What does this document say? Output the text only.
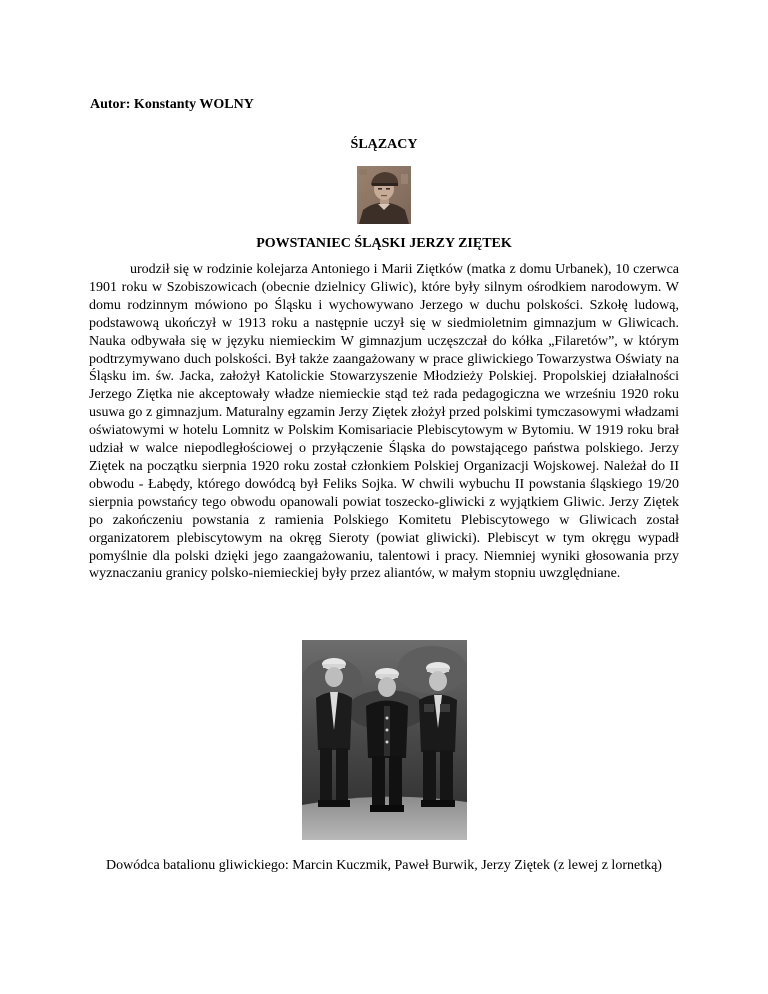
Autor: Konstanty WOLNY

ŚLĄZACY

POWSTANIEC ŚLĄSKI JERZY ZIĘTEK

urodził się w rodzinie kolejarza Antoniego i Marii Ziętków (matka z domu Urbanek), 10 czerwca 1901 roku w Szobiszowicach (obecnie dzielnicy Gliwic), które były silnym ośrodkiem narodowym. W domu rodzinnym mówiono po Śląsku i wychowywano Jerzego w duchu polskości. Szkołę ludową, podstawową ukończył w 1913 roku a następnie uczył się w siedmioletnim gimnazjum w Gliwicach. Nauka odbywała się w języku niemieckim W gimnazjum uczęszczał do kółka „Filaretów”, w którym podtrzymywano duch polskości. Był także zaangażowany w prace gliwickiego Towarzystwa Oświaty na Śląsku im. św. Jacka, założył Katolickie Stowarzyszenie Młodzieży Polskiej. Propolskiej działalności Jerzego Ziętka nie akceptowały władze niemieckie stąd też rada pedagogiczna we wrześniu 1920 roku usuwa go z gimnazjum. Maturalny egzamin Jerzy Ziętek złożył przed polskimi tymczasowymi władzami oświatowymi w hotelu Lomnitz w Polskim Komisariacie Plebiscytowym w Bytomiu. W 1919 roku brał udział w walce niepodległościowej o przyłączenie Śląska do powstającego państwa polskiego. Jerzy Ziętek na początku sierpnia 1920 roku został członkiem Polskiej Organizacji Wojskowej. Należał do II obwodu - Łabędy, którego dowódcą był Feliks Sojka. W chwili wybuchu II powstania śląskiego 19/20 sierpnia powstańcy tego obwodu opanowali powiat toszecko-gliwicki z wyjątkiem Gliwic. Jerzy Ziętek po zakończeniu powstania z ramienia Polskiego Komitetu Plebiscytowego w Gliwicach został organizatorem plebiscytowym na okręg Sieroty (powiat gliwicki). Plebiscyt w tym okręgu wypadł pomyślnie dla polski dzięki jego zaangażowaniu, talentowi i pracy. Niemniej wyniki głosowania przy wyznaczaniu granicy polsko-niemieckiej były przez aliantów, w małym stopniu uwzględniane.

Dowódca batalionu gliwickiego: Marcin Kuczmik, Paweł Burwik, Jerzy Ziętek (z lewej z lornetką)
